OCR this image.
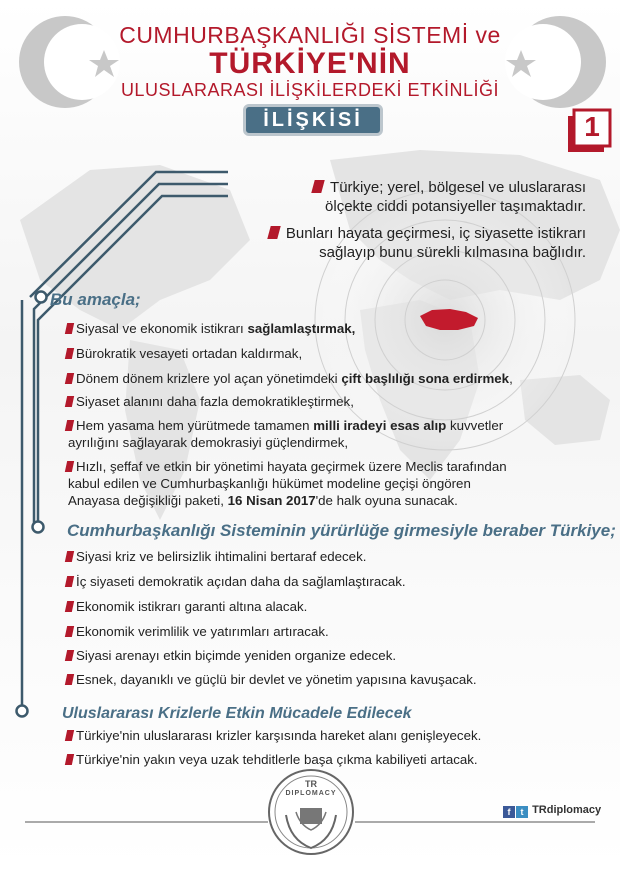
CUMHURBAŞKANLIĞI SİSTEMİ ve
TÜRKİYE'NİN
ULUSLARARASI İLİŞKİLERDEKİ ETKİNLİĞİ
İLİŞKİSİ	1
Türkiye; yerel, bölgesel ve uluslararası
ölçekte ciddi potansiyeller taşımaktadır.
Bunları hayata geçirmesi, iç siyasette istikrarı
sağlayıp bunu sürekli kılmasına bağlıdır.
Bu amaçla;
Siyasal ve ekonomik istikrarı sağlamlaştırmak,
Bürokratik vesayeti ortadan kaldırmak,
Dönem dönem krizlere yol açan yönetimdeki çift başlılığı sona erdirmek,
Siyaset alanını daha fazla demokratikleştirmek,
Hem yasama hem yürütmede tamamen milli iradeyi esas alıp kuvvetler
ayrılığını sağlayarak demokrasiyi güçlendirmek,
Hızlı, şeffaf ve etkin bir yönetimi hayata geçirmek üzere Meclis tarafından
kabul edilen ve Cumhurbaşkanlığı hükümet modeline geçişi öngören
Anayasa değişikliği paketi, 16 Nisan 2017'de halk oyuna sunacak.
Cumhurbaşkanlığı Sisteminin yürürlüğe girmesiyle beraber Türkiye;
Siyasi kriz ve belirsizlik ihtimalini bertaraf edecek.
İç siyaseti demokratik açıdan daha da sağlamlaştıracak.
Ekonomik istikrarı garanti altına alacak.
Ekonomik verimlilik ve yatırımları artıracak.
Siyasi arenayı etkin biçimde yeniden organize edecek.
Esnek, dayanıklı ve güçlü bir devlet ve yönetim yapısına kavuşacak.
Uluslararası Krizlerle Etkin Mücadele Edilecek
Türkiye'nin uluslararası krizler karşısında hareket alanı genişleyecek.
Türkiye'nin yakın veya uzak tehditlerle başa çıkma kabiliyeti artacak.
TR
DIPLOMACY
f t TRdiplomacy
